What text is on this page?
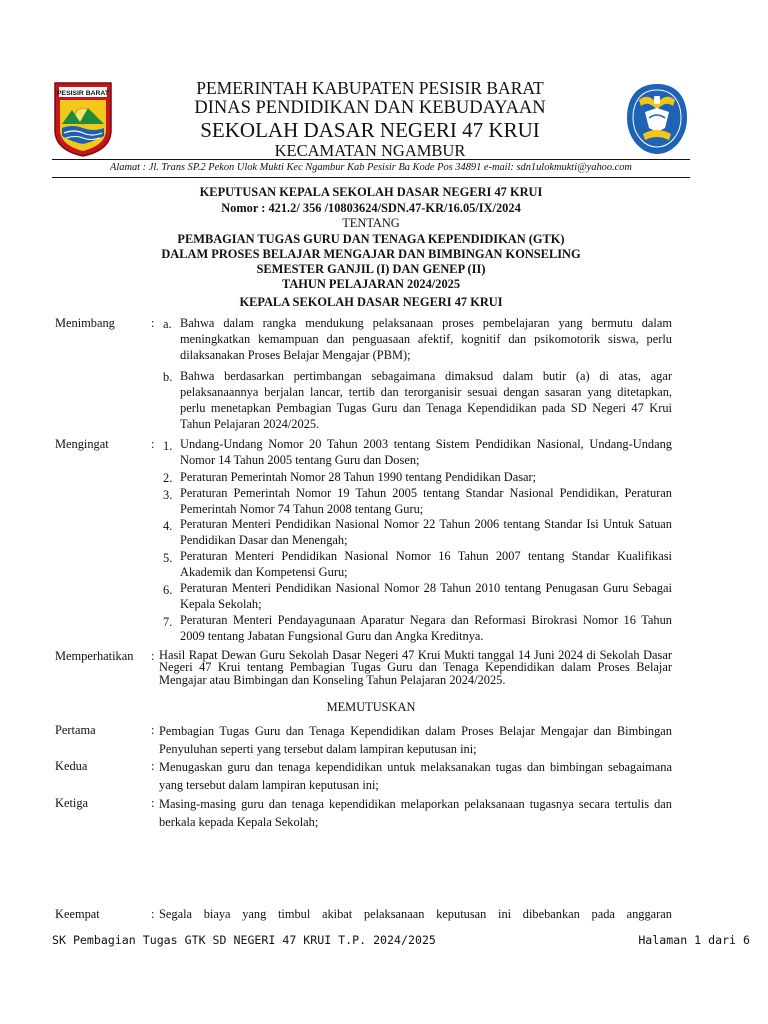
PESISIR BARAT	PEMERINTAH KABUPATEN PESISIR BARAT
DINAS PENDIDIKAN DAN KEBUDAYAAN
SEKOLAH DASAR NEGERI 47 KRUI
KECAMATAN NGAMBUR
Alamat : Jl. Trans SP.2 Pekon Ulok Mukti Kec Ngambur Kab Pesisir Ba Kode Pos 34891 e-mail: sdn1ulokmukti@yahoo.com
KEPUTUSAN KEPALA SEKOLAH DASAR NEGERI 47 KRUI
Nomor : 421.2/ 356 /10803624/SDN.47-KR/16.05/IX/2024
TENTANG
PEMBAGIAN TUGAS GURU DAN TENAGA KEPENDIDIKAN (GTK)
DALAM PROSES BELAJAR MENGAJAR DAN BIMBINGAN KONSELING
SEMESTER GANJIL (I) DAN GENEP (II)
TAHUN PELAJARAN 2024/2025
KEPALA SEKOLAH DASAR NEGERI 47 KRUI
Menimbang	: a. Bahwa dalam rangka mendukung pelaksanaan proses pembelajaran yang bermutu dalam meningkatkan kemampuan dan penguasaan afektif, kognitif dan psikomotorik siswa, perlu dilaksanakan Proses Belajar Mengajar (PBM);
b. Bahwa berdasarkan pertimbangan sebagaimana dimaksud dalam butir (a) di atas, agar pelaksanaannya berjalan lancar, tertib dan terorganisir sesuai dengan sasaran yang ditetapkan, perlu menetapkan Pembagian Tugas Guru dan Tenaga Kependidikan pada SD Negeri 47 Krui Tahun Pelajaran 2024/2025.
Mengingat	: 1. Undang-Undang Nomor 20 Tahun 2003 tentang Sistem Pendidikan Nasional, Undang-Undang Nomor 14 Tahun 2005 tentang Guru dan Dosen;
2. Peraturan Pemerintah Nomor 28 Tahun 1990 tentang Pendidikan Dasar;
3. Peraturan Pemerintah Nomor 19 Tahun 2005 tentang Standar Nasional Pendidikan, Peraturan Pemerintah Nomor 74 Tahun 2008 tentang Guru;
4. Peraturan Menteri Pendidikan Nasional Nomor 22 Tahun 2006 tentang Standar Isi Untuk Satuan Pendidikan Dasar dan Menengah;
5. Peraturan Menteri Pendidikan Nasional Nomor 16 Tahun 2007 tentang Standar Kualifikasi Akademik dan Kompetensi Guru;
6. Peraturan Menteri Pendidikan Nasional Nomor 28 Tahun 2010 tentang Penugasan Guru Sebagai Kepala Sekolah;
7. Peraturan Menteri Pendayagunaan Aparatur Negara dan Reformasi Birokrasi Nomor 16 Tahun 2009 tentang Jabatan Fungsional Guru dan Angka Kreditnya.
Memperhatikan	: Hasil Rapat Dewan Guru Sekolah Dasar Negeri 47 Krui Mukti tanggal 14 Juni 2024 di Sekolah Dasar Negeri 47 Krui tentang Pembagian Tugas Guru dan Tenaga Kependidikan dalam Proses Belajar Mengajar atau Bimbingan dan Konseling Tahun Pelajaran 2024/2025.
MEMUTUSKAN
Pertama	: Pembagian Tugas Guru dan Tenaga Kependidikan dalam Proses Belajar Mengajar dan Bimbingan Penyuluhan seperti yang tersebut dalam lampiran keputusan ini;
Kedua	: Menugaskan guru dan tenaga kependidikan untuk melaksanakan tugas dan bimbingan sebagaimana yang tersebut dalam lampiran keputusan ini;
Ketiga	: Masing-masing guru dan tenaga kependidikan melaporkan pelaksanaan tugasnya secara tertulis dan berkala kepada Kepala Sekolah;
Keempat	: Segala biaya yang timbul akibat pelaksanaan keputusan ini dibebankan pada anggaran
SK Pembagian Tugas GTK SD NEGERI 47 KRUI T.P. 2024/2025	Halaman 1 dari 6
